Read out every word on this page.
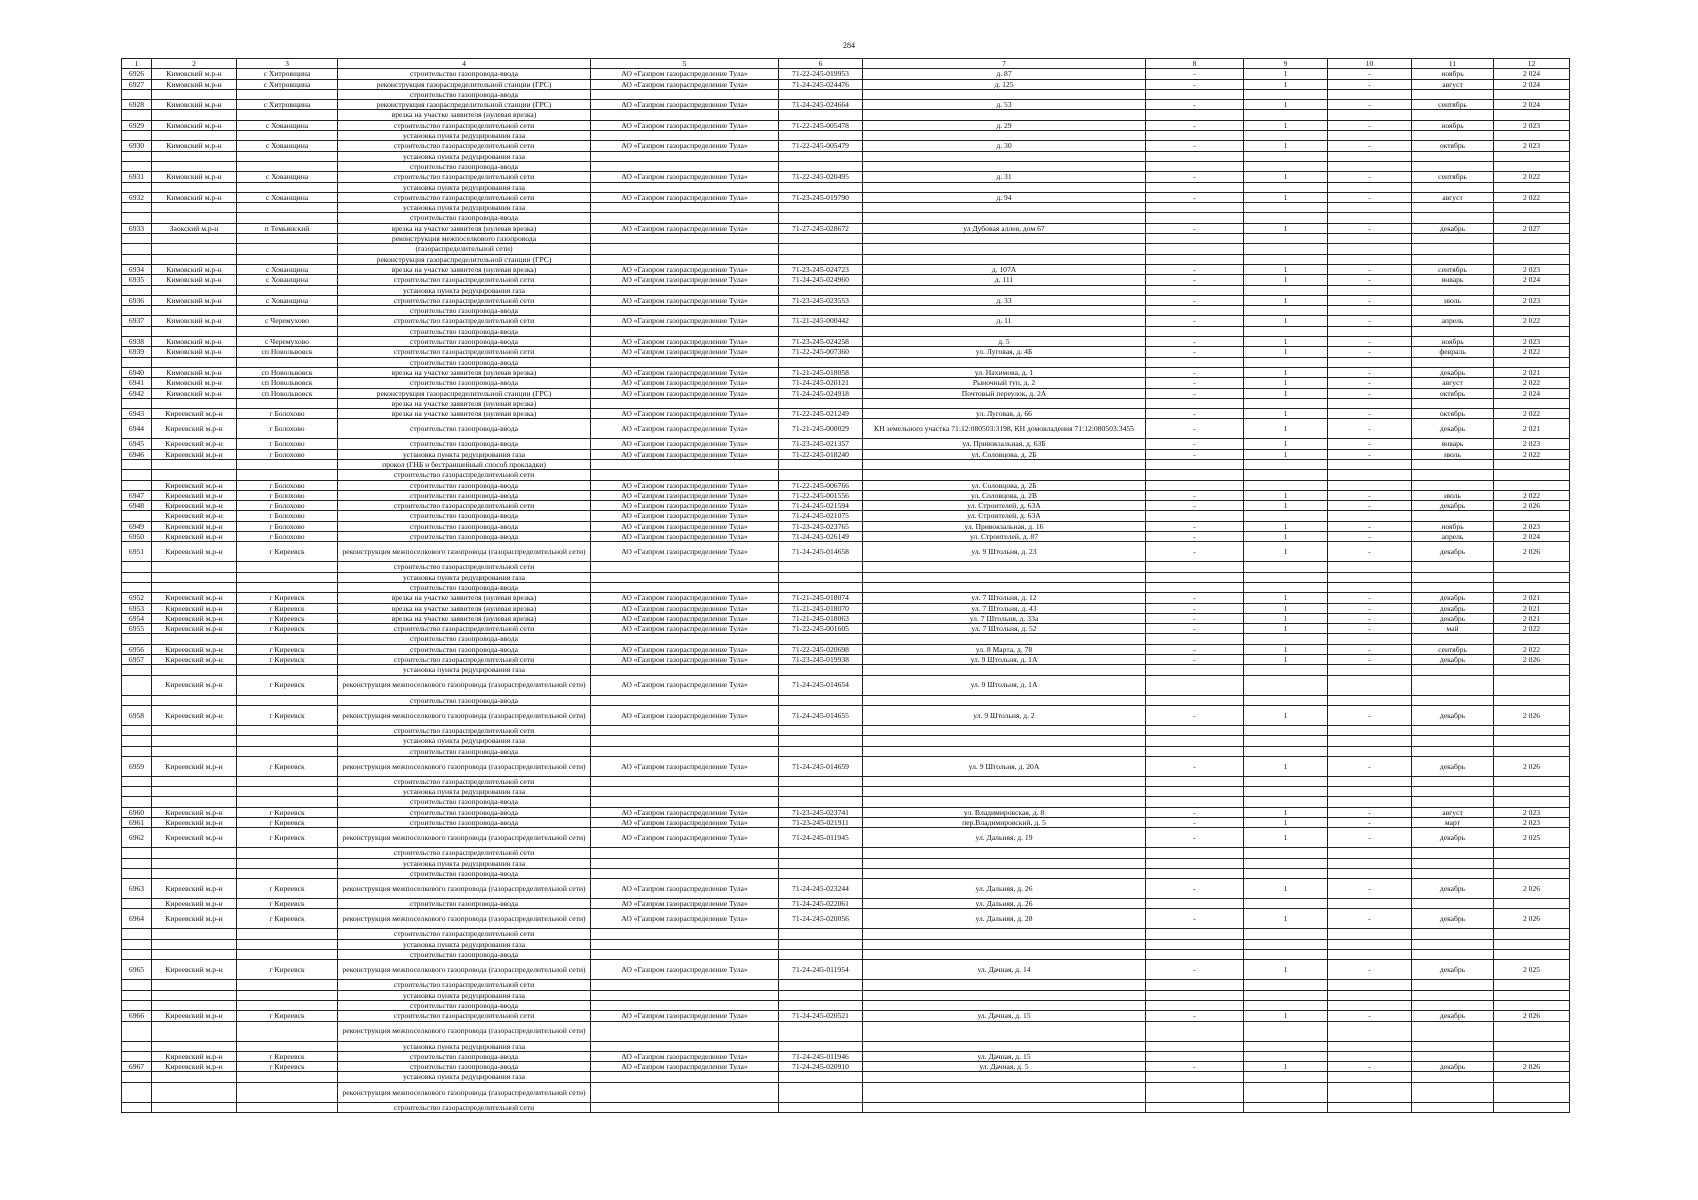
284
1	2	3	4	5	6	7	8	9	10	11	12
6926	Кимовский м.р-н	с Хитровщина	строительство газопровода-ввода	АО «Газпром газораспределение Тула»	71-22-245-019953	д. 87	-	1	-	ноябрь	2 024
6927	Кимовский м.р-н	с Хитровщина	реконструкция газораспределительной станции (ГРС)	АО «Газпром газораспределение Тула»	71-24-245-024476	д. 125	-	1	-	август	2 024
			строительство газопровода-ввода								
6928	Кимовский м.р-н	с Хитровщина	реконструкция газораспределительной станции (ГРС)	АО «Газпром газораспределение Тула»	71-24-245-024664	д. 53	-	1	-	сентябрь	2 024
			врезка на участке заявителя (нулевая врезка)								
6929	Кимовский м.р-н	с Хованщина	строительство газораспределительной сети	АО «Газпром газораспределение Тула»	71-22-245-005478	д. 29	-	1	-	ноябрь	2 023
			установка пункта редуцирования газа								
6930	Кимовский м.р-н	с Хованщина	строительство газораспределительной сети	АО «Газпром газораспределение Тула»	71-22-245-005479	д. 30	-	1	-	октябрь	2 023
			установка пункта редуцирования газа								
			строительство газопровода-ввода								
6931	Кимовский м.р-н	с Хованщина	строительство газораспределительной сети	АО «Газпром газораспределение Тула»	71-22-245-020495	д. 31	-	1	-	сентябрь	2 022
			установка пункта редуцирования газа								
6932	Кимовский м.р-н	с Хованщина	строительство газораспределительной сети	АО «Газпром газораспределение Тула»	71-23-245-019790	д. 94	-	1	-	август	2 022
			установка пункта редуцирования газа								
			строительство газопровода-ввода								
6933	Заокский м.р-н	п Темьянский	врезка на участке заявителя (нулевая врезка)	АО «Газпром газораспределение Тула»	71-27-245-028672	ул Дубовая аллея, дом 67	-	1	-	декабрь	2 027
			реконструкция межпоселкового газопровода								
			(газораспределительной сети)								
			реконструкция газораспределительной станции (ГРС)								
6934	Кимовский м.р-н	с Хованщина	врезка на участке заявителя (нулевая врезка)	АО «Газпром газораспределение Тула»	71-23-245-024723	д. 107А	-	1	-	сентябрь	2 023
6935	Кимовский м.р-н	с Хованщина	строительство газораспределительной сети	АО «Газпром газораспределение Тула»	71-24-245-024960	д. 111	-	1	-	январь	2 024
			установка пункта редуцирования газа								
6936	Кимовский м.р-н	с Хованщина	строительство газораспределительной сети	АО «Газпром газораспределение Тула»	71-23-245-023553	д. 33	-	1	-	июль	2 023
			строительство газопровода-ввода								
6937	Кимовский м.р-н	с Черемухово	строительство газораспределительной сети	АО «Газпром газораспределение Тула»	71-21-245-000442	д. 11	-	1	-	апрель	2 022
			строительство газопровода-ввода								
6938	Кимовский м.р-н	с Черемухово	строительство газопровода-ввода	АО «Газпром газораспределение Тула»	71-23-245-024258	д. 5	-	1	-	ноябрь	2 023
6939	Кимовский м.р-н	сп Новольвовск	строительство газораспределительной сети	АО «Газпром газораспределение Тула»	71-22-245-007360	ул. Луговая, д. 4Б	-	1	-	февраль	2 022
			строительство газопровода-ввода								
6940	Кимовский м.р-н	сп Новольвовск	врезка на участке заявителя (нулевая врезка)	АО «Газпром газораспределение Тула»	71-21-245-018058	ул. Нахимова, д. 1	-	1	-	декабрь	2 021
6941	Кимовский м.р-н	сп Новольвовск	строительство газопровода-ввода	АО «Газпром газораспределение Тула»	71-24-245-020121	Рыночный туп, д. 2	-	1	-	август	2 022
6942	Кимовский м.р-н	сп Новольвовск	реконструкция газораспределительной станции (ГРС)	АО «Газпром газораспределение Тула»	71-24-245-024918	Почтовый переулок, д. 2А	-	1	-	октябрь	2 024
			врезка на участке заявителя (нулевая врезка)								
6943	Киреевский м.р-н	г Болохово	врезка на участке заявителя (нулевая врезка)	АО «Газпром газораспределение Тула»	71-22-245-021249	ул. Луговая, д. 66	-	1	-	октябрь	2 022
6944	Киреевский м.р-н	г Болохово	строительство газопровода-ввода	АО «Газпром газораспределение Тула»	71-21-245-000029	КН земельного участка 71:12:080503:3198, КН домовладения 71:12:080503:3455	-	1	-	декабрь	2 021
6945	Киреевский м.р-н	г Болохово	строительство газопровода-ввода	АО «Газпром газораспределение Тула»	71-23-245-021357	ул. Привокзальная, д. 63Б	-	1	-	январь	2 023
6946	Киреевский м.р-н	г Болохово	установка пункта редуцирования газа	АО «Газпром газораспределение Тула»	71-22-245-018240	ул. Соловцова, д. 2Б	-	1	-	июль	2 022
			прокол (ГНБ и бестраншейный способ прокладки)								
			строительство газораспределительной сети								
	Киреевский м.р-н	г Болохово	строительство газопровода-ввода	АО «Газпром газораспределение Тула»	71-22-245-006766	ул. Соловцова, д. 2Б					
6947	Киреевский м.р-н	г Болохово	строительство газопровода-ввода	АО «Газпром газораспределение Тула»	71-22-245-001556	ул. Соловцова, д. 2В	-	1	-	июль	2 022
6948	Киреевский м.р-н	г Болохово	строительство газораспределительной сети	АО «Газпром газораспределение Тула»	71-24-245-021594	ул. Строителей, д. 63А	-	1	-	декабрь	2 026
	Киреевский м.р-н	г Болохово	строительство газопровода-ввода	АО «Газпром газораспределение Тула»	71-24-245-021075	ул. Строителей, д. 63А					
6949	Киреевский м.р-н	г Болохово	строительство газопровода-ввода	АО «Газпром газораспределение Тула»	71-23-245-023765	ул. Привокзальная, д. 16	-	1	-	ноябрь	2 023
6950	Киреевский м.р-н	г Болохово	строительство газопровода-ввода	АО «Газпром газораспределение Тула»	71-24-245-026149	ул. Строителей, д. 87	-	1	-	апрель	2 024
6951	Киреевский м.р-н	г Киреевск	реконструкция межпоселкового газопровода (газораспределительной сети)	АО «Газпром газораспределение Тула»	71-24-245-014658	ул. 9 Штольня, д. 23	-	1	-	декабрь	2 026
			строительство газораспределительной сети								
			установка пункта редуцирования газа								
			строительство газопровода-ввода								
6952	Киреевский м.р-н	г Киреевск	врезка на участке заявителя (нулевая врезка)	АО «Газпром газораспределение Тула»	71-21-245-018074	ул. 7 Штольня, д. 12	-	1	-	декабрь	2 021
6953	Киреевский м.р-н	г Киреевск	врезка на участке заявителя (нулевая врезка)	АО «Газпром газораспределение Тула»	71-21-245-018070	ул. 7 Штольня, д. 43	-	1	-	декабрь	2 021
6954	Киреевский м.р-н	г Киреевск	врезка на участке заявителя (нулевая врезка)	АО «Газпром газораспределение Тула»	71-21-245-018063	ул. 7 Штольня, д. 33а	-	1	-	декабрь	2 021
6955	Киреевский м.р-н	г Киреевск	строительство газораспределительной сети	АО «Газпром газораспределение Тула»	71-22-245-001605	ул. 7 Штольня, д. 52	-	1	-	май	2 022
			строительство газопровода-ввода								
6956	Киреевский м.р-н	г Киреевск	строительство газопровода-ввода	АО «Газпром газораспределение Тула»	71-22-245-020698	ул. 8 Марта, д. 78	-	1	-	сентябрь	2 022
6957	Киреевский м.р-н	г Киреевск	строительство газораспределительной сети	АО «Газпром газораспределение Тула»	71-23-245-019938	ул. 9 Штольня, д. 1А	-	1	-	декабрь	2 026
			установка пункта редуцирования газа								
	Киреевский м.р-н	г Киреевск	реконструкция межпоселкового газопровода (газораспределительной сети)	АО «Газпром газораспределение Тула»	71-24-245-014654	ул. 9 Штольня, д. 1А					
			строительство газопровода-ввода								
6958	Киреевский м.р-н	г Киреевск	реконструкция межпоселкового газопровода (газораспределительной сети)	АО «Газпром газораспределение Тула»	71-24-245-014655	ул. 9 Штольня, д. 2	-	1	-	декабрь	2 026
			строительство газораспределительной сети								
			установка пункта редуцирования газа								
			строительство газопровода-ввода								
6959	Киреевский м.р-н	г Киреевск	реконструкция межпоселкового газопровода (газораспределительной сети)	АО «Газпром газораспределение Тула»	71-24-245-014659	ул. 9 Штольня, д. 20А	-	1	-	декабрь	2 026
			строительство газораспределительной сети								
			установка пункта редуцирования газа								
			строительство газопровода-ввода								
6960	Киреевский м.р-н	г Киреевск	строительство газопровода-ввода	АО «Газпром газораспределение Тула»	71-23-245-023741	ул. Владимировская, д. 8	-	1	-	август	2 023
6961	Киреевский м.р-н	г Киреевск	строительство газопровода-ввода	АО «Газпром газораспределение Тула»	71-23-245-021911	пер.Владимировский, д. 5	-	1	-	март	2 023
6962	Киреевский м.р-н	г Киреевск	реконструкция межпоселкового газопровода (газораспределительной сети)	АО «Газпром газораспределение Тула»	71-24-245-011945	ул. Дальняя, д. 19	-	1	-	декабрь	2 025
			строительство газораспределительной сети								
			установка пункта редуцирования газа								
			строительство газопровода-ввода								
6963	Киреевский м.р-н	г Киреевск	реконструкция межпоселкового газопровода (газораспределительной сети)	АО «Газпром газораспределение Тула»	71-24-245-023244	ул. Дальняя, д. 26	-	1	-	декабрь	2 026
	Киреевский м.р-н	г Киреевск	строительство газопровода-ввода	АО «Газпром газораспределение Тула»	71-24-245-022061	ул. Дальняя, д. 26					
6964	Киреевский м.р-н	г Киреевск	реконструкция межпоселкового газопровода (газораспределительной сети)	АО «Газпром газораспределение Тула»	71-24-245-020056	ул. Дальняя, д. 28	-	1	-	декабрь	2 026
			строительство газораспределительной сети								
			установка пункта редуцирования газа								
			строительство газопровода-ввода								
6965	Киреевский м.р-н	г Киреевск	реконструкция межпоселкового газопровода (газораспределительной сети)	АО «Газпром газораспределение Тула»	71-24-245-011954	ул. Дачная, д. 14	-	1	-	декабрь	2 025
			строительство газораспределительной сети								
			установка пункта редуцирования газа								
			строительство газопровода-ввода								
6966	Киреевский м.р-н	г Киреевск	строительство газораспределительной сети	АО «Газпром газораспределение Тула»	71-24-245-020521	ул. Дачная, д. 15	-	1	-	декабрь	2 026
			реконструкция межпоселкового газопровода (газораспределительной сети)								
			установка пункта редуцирования газа								
	Киреевский м.р-н	г Киреевск	строительство газопровода-ввода	АО «Газпром газораспределение Тула»	71-24-245-011946	ул. Дачная, д. 15					
6967	Киреевский м.р-н	г Киреевск	строительство газопровода-ввода	АО «Газпром газораспределение Тула»	71-24-245-020910	ул. Дачная, д. 5	-	1	-	декабрь	2 026
			установка пункта редуцирования газа								
			реконструкция межпоселкового газопровода (газораспределительной сети)								
			строительство газораспределительной сети								
